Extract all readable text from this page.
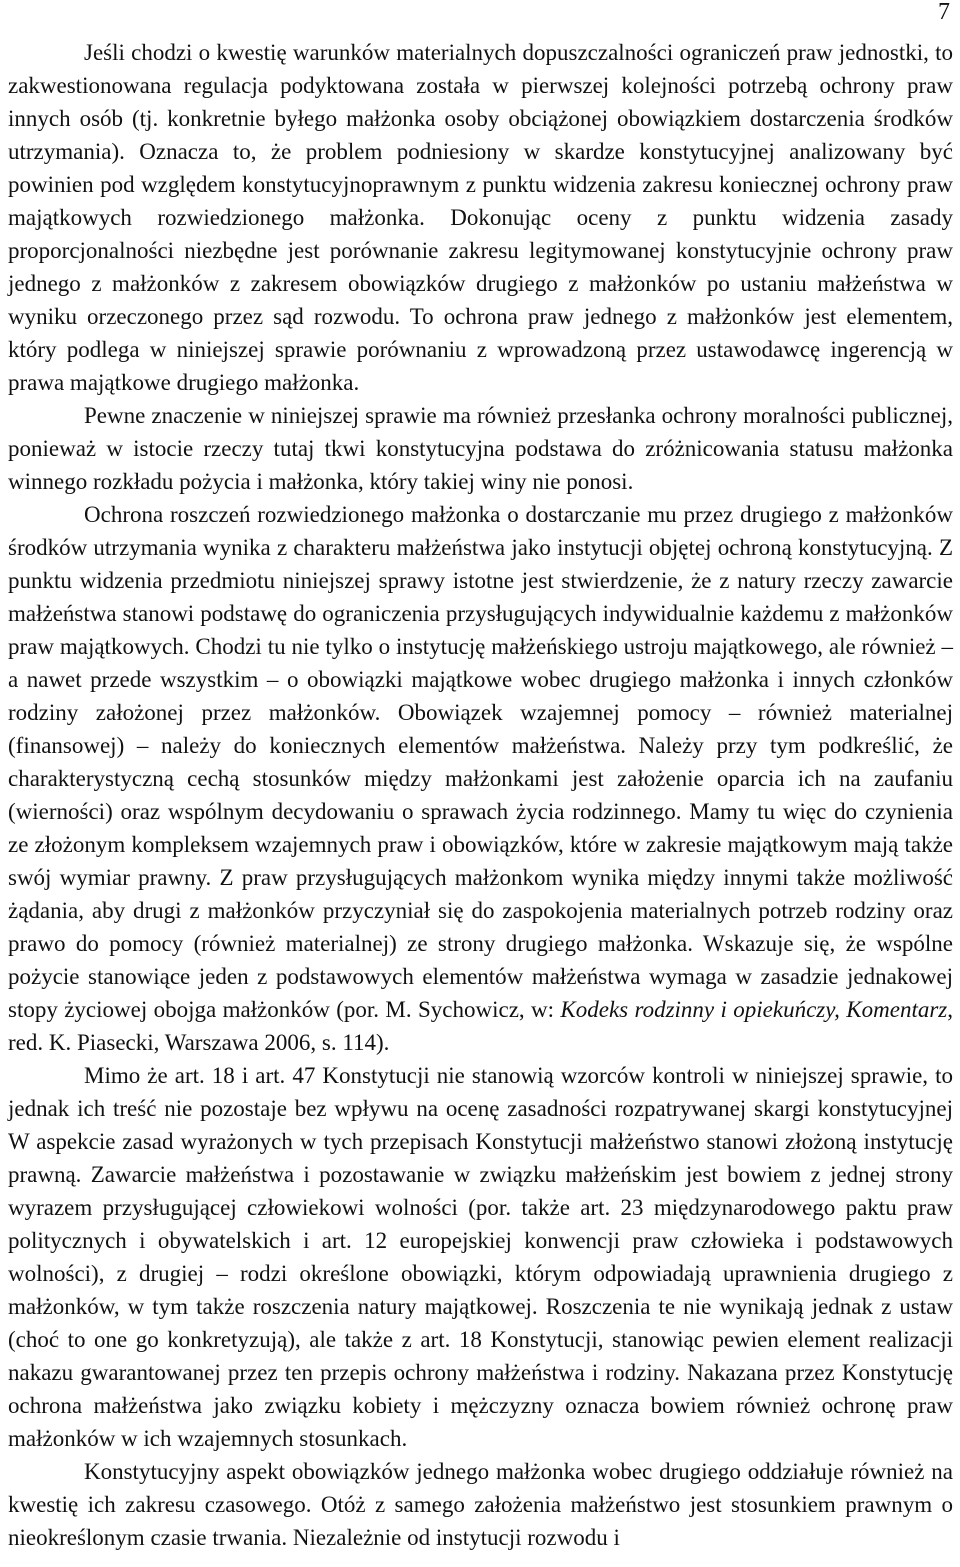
7

Jeśli chodzi o kwestię warunków materialnych dopuszczalności ograniczeń praw jednostki, to zakwestionowana regulacja podyktowana została w pierwszej kolejności potrzebą ochrony praw innych osób (tj. konkretnie byłego małżonka osoby obciążonej obowiązkiem dostarczenia środków utrzymania). Oznacza to, że problem podniesiony w skardze konstytucyjnej analizowany być powinien pod względem konstytucyjnoprawnym z punktu widzenia zakresu koniecznej ochrony praw majątkowych rozwiedzionego małżonka. Dokonując oceny z punktu widzenia zasady proporcjonalności niezbędne jest porównanie zakresu legitymowanej konstytucyjnie ochrony praw jednego z małżonków z zakresem obowiązków drugiego z małżonków po ustaniu małżeństwa w wyniku orzeczonego przez sąd rozwodu. To ochrona praw jednego z małżonków jest elementem, który podlega w niniejszej sprawie porównaniu z wprowadzoną przez ustawodawcę ingerencją w prawa majątkowe drugiego małżonka.

Pewne znaczenie w niniejszej sprawie ma również przesłanka ochrony moralności publicznej, ponieważ w istocie rzeczy tutaj tkwi konstytucyjna podstawa do zróżnicowania statusu małżonka winnego rozkładu pożycia i małżonka, który takiej winy nie ponosi.

Ochrona roszczeń rozwiedzionego małżonka o dostarczanie mu przez drugiego z małżonków środków utrzymania wynika z charakteru małżeństwa jako instytucji objętej ochroną konstytucyjną. Z punktu widzenia przedmiotu niniejszej sprawy istotne jest stwierdzenie, że z natury rzeczy zawarcie małżeństwa stanowi podstawę do ograniczenia przysługujących indywidualnie każdemu z małżonków praw majątkowych. Chodzi tu nie tylko o instytucję małżeńskiego ustroju majątkowego, ale również – a nawet przede wszystkim – o obowiązki majątkowe wobec drugiego małżonka i innych członków rodziny założonej przez małżonków. Obowiązek wzajemnej pomocy – również materialnej (finansowej) – należy do koniecznych elementów małżeństwa. Należy przy tym podkreślić, że charakterystyczną cechą stosunków między małżonkami jest założenie oparcia ich na zaufaniu (wierności) oraz wspólnym decydowaniu o sprawach życia rodzinnego. Mamy tu więc do czynienia ze złożonym kompleksem wzajemnych praw i obowiązków, które w zakresie majątkowym mają także swój wymiar prawny. Z praw przysługujących małżonkom wynika między innymi także możliwość żądania, aby drugi z małżonków przyczyniał się do zaspokojenia materialnych potrzeb rodziny oraz prawo do pomocy (również materialnej) ze strony drugiego małżonka. Wskazuje się, że wspólne pożycie stanowiące jeden z podstawowych elementów małżeństwa wymaga w zasadzie jednakowej stopy życiowej obojga małżonków (por. M. Sychowicz, w: Kodeks rodzinny i opiekuńczy, Komentarz, red. K. Piasecki, Warszawa 2006, s. 114).

Mimo że art. 18 i art. 47 Konstytucji nie stanowią wzorców kontroli w niniejszej sprawie, to jednak ich treść nie pozostaje bez wpływu na ocenę zasadności rozpatrywanej skargi konstytucyjnej W aspekcie zasad wyrażonych w tych przepisach Konstytucji małżeństwo stanowi złożoną instytucję prawną. Zawarcie małżeństwa i pozostawanie w związku małżeńskim jest bowiem z jednej strony wyrazem przysługującej człowiekowi wolności (por. także art. 23 międzynarodowego paktu praw politycznych i obywatelskich i art. 12 europejskiej konwencji praw człowieka i podstawowych wolności), z drugiej – rodzi określone obowiązki, którym odpowiadają uprawnienia drugiego z małżonków, w tym także roszczenia natury majątkowej. Roszczenia te nie wynikają jednak z ustaw (choć to one go konkretyzują), ale także z art. 18 Konstytucji, stanowiąc pewien element realizacji nakazu gwarantowanej przez ten przepis ochrony małżeństwa i rodziny. Nakazana przez Konstytucję ochrona małżeństwa jako związku kobiety i mężczyzny oznacza bowiem również ochronę praw małżonków w ich wzajemnych stosunkach.

Konstytucyjny aspekt obowiązków jednego małżonka wobec drugiego oddziałuje również na kwestię ich zakresu czasowego. Otóż z samego założenia małżeństwo jest stosunkiem prawnym o nieokreślonym czasie trwania. Niezależnie od instytucji rozwodu i
